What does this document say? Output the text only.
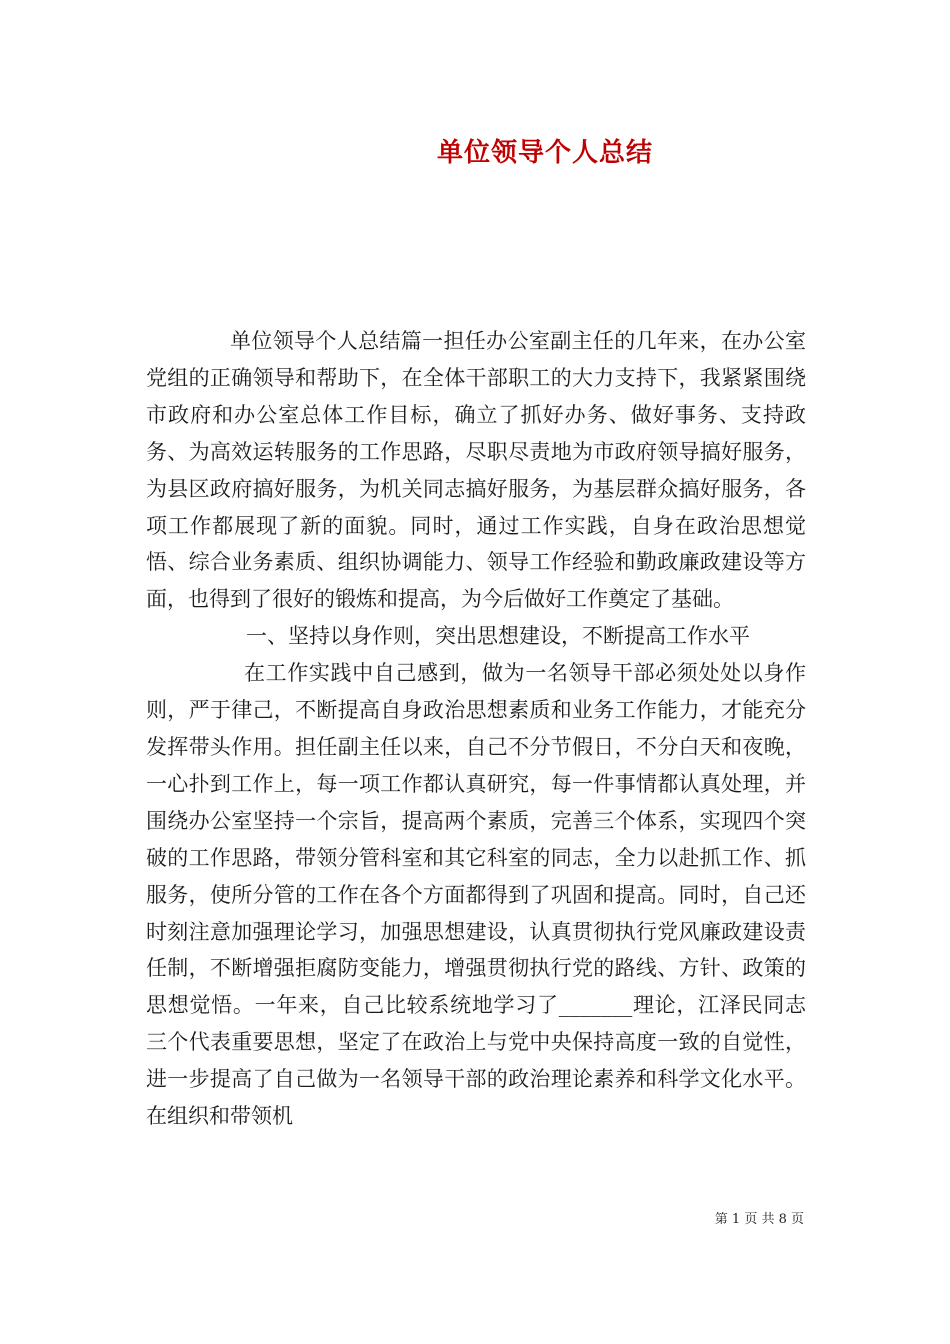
单位领导个人总结

单位领导个人总结篇一担任办公室副主任的几年来，在办公室党组的正确领导和帮助下，在全体干部职工的大力支持下，我紧紧围绕市政府和办公室总体工作目标，确立了抓好办务、做好事务、支持政务、为高效运转服务的工作思路，尽职尽责地为市政府领导搞好服务，为县区政府搞好服务，为机关同志搞好服务，为基层群众搞好服务，各项工作都展现了新的面貌。同时，通过工作实践，自身在政治思想觉悟、综合业务素质、组织协调能力、领导工作经验和勤政廉政建设等方面，也得到了很好的锻炼和提高，为今后做好工作奠定了基础。

一、坚持以身作则，突出思想建设，不断提高工作水平

在工作实践中自己感到，做为一名领导干部必须处处以身作则，严于律己，不断提高自身政治思想素质和业务工作能力，才能充分发挥带头作用。担任副主任以来，自己不分节假日，不分白天和夜晚，一心扑到工作上，每一项工作都认真研究，每一件事情都认真处理，并围绕办公室坚持一个宗旨，提高两个素质，完善三个体系，实现四个突破的工作思路，带领分管科室和其它科室的同志，全力以赴抓工作、抓服务，使所分管的工作在各个方面都得到了巩固和提高。同时，自己还时刻注意加强理论学习，加强思想建设，认真贯彻执行党风廉政建设责任制，不断增强拒腐防变能力，增强贯彻执行党的路线、方针、政策的思想觉悟。一年来，自己比较系统地学习了_______理论，江泽民同志三个代表重要思想，坚定了在政治上与党中央保持高度一致的自觉性，进一步提高了自己做为一名领导干部的政治理论素养和科学文化水平。在组织和带领机

第 1 页 共 8 页
